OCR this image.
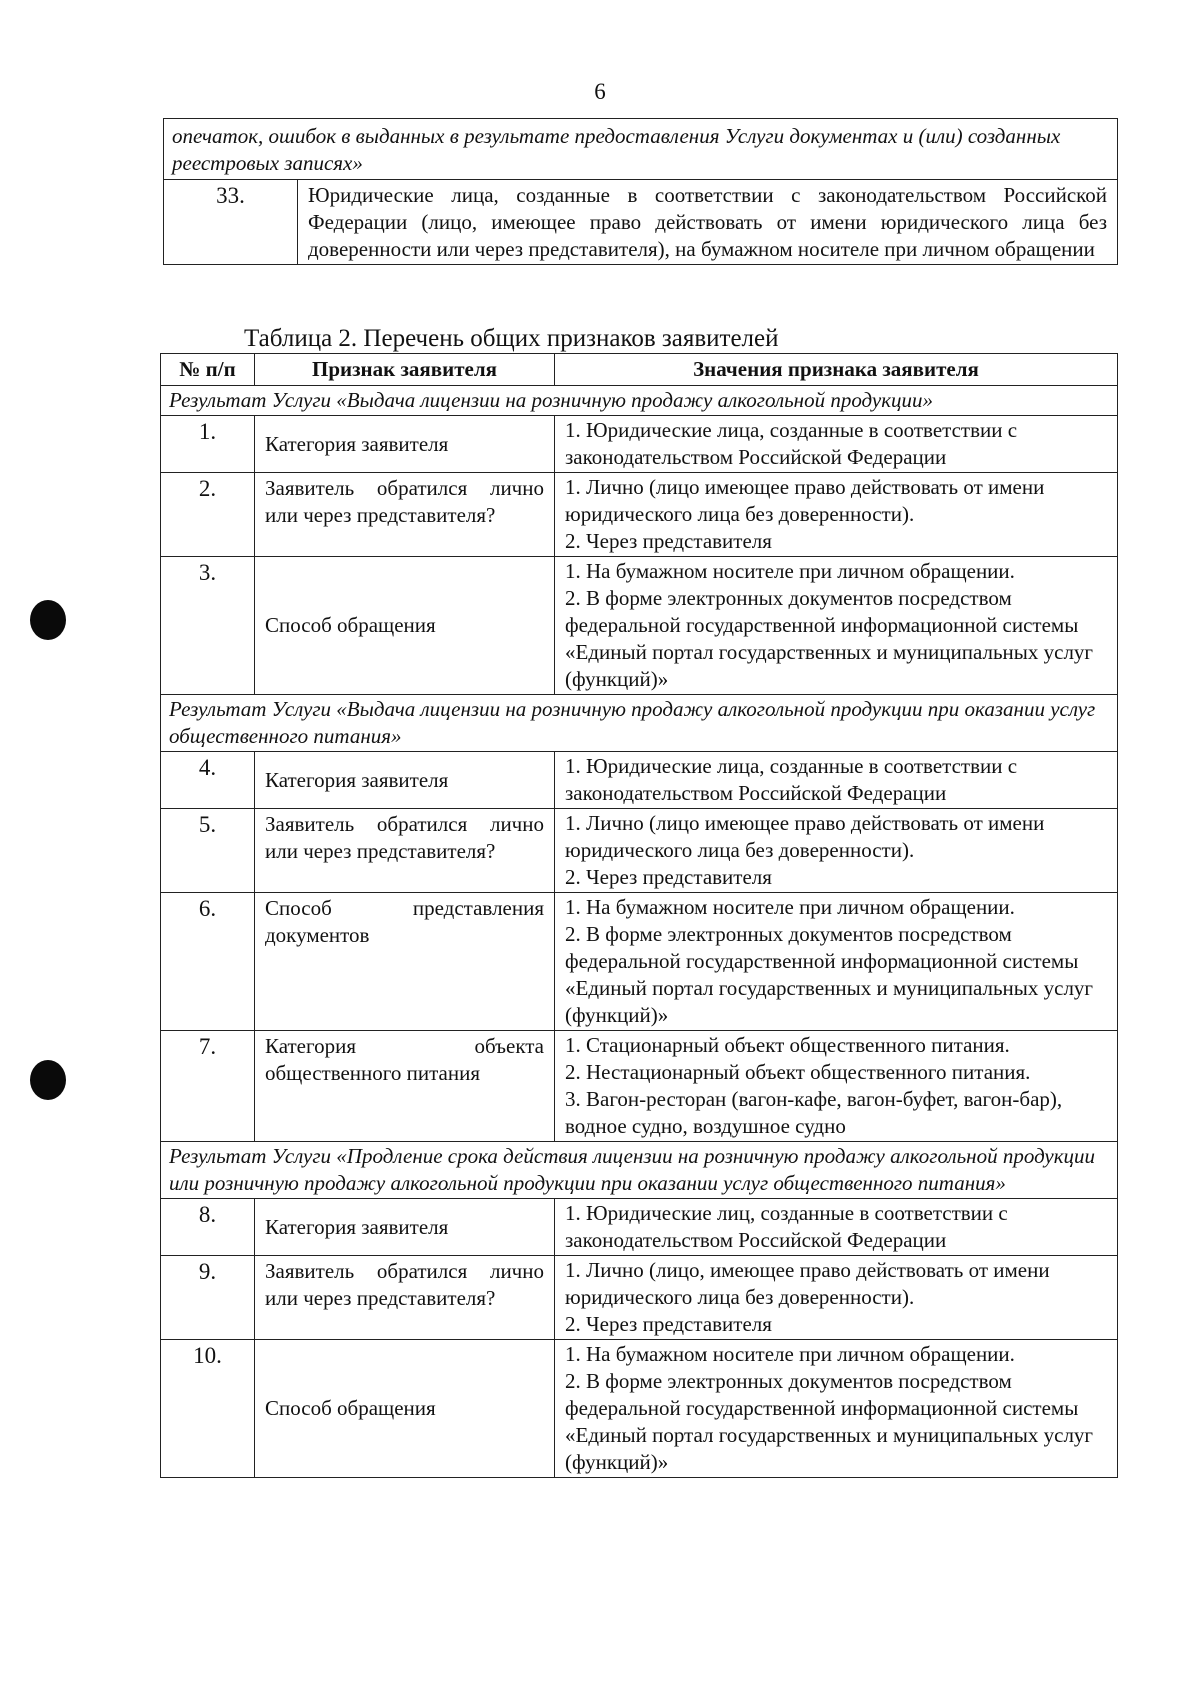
6
опечаток, ошибок в выданных в результате предоставления Услуги документах и (или) созданных реестровых записях»
33.	Юридические лица, созданные в соответствии с законодательством Российской Федерации (лицо, имеющее право действовать от имени юридического лица без доверенности или через представителя), на бумажном носителе при личном обращении
Таблица 2. Перечень общих признаков заявителей
№ п/п	Признак заявителя	Значения признака заявителя
Результат Услуги «Выдача лицензии на розничную продажу алкогольной продукции»		
1.	Категория заявителя	1. Юридические лица, созданные в соответствии с законодательством Российской Федерации

2.	Заявитель обратился лично или через представителя?	1. Лично (лицо имеющее право действовать от имени юридического лица без доверенности).
2. Через представителя

3.	Способ обращения	1. На бумажном носителе при личном обращении.
2. В форме электронных документов посредством федеральной государственной информационной системы «Единый портал государственных и муниципальных услуг (функций)»

Результат Услуги «Выдача лицензии на розничную продажу алкогольной продукции при оказании услуг общественного питания»		
4.	Категория заявителя	1. Юридические лица, созданные в соответствии с законодательством Российской Федерации

5.	Заявитель обратился лично или через представителя?	1. Лично (лицо имеющее право действовать от имени юридического лица без доверенности).
2. Через представителя

6.	Способ представления документов	1. На бумажном носителе при личном обращении.
2. В форме электронных документов посредством федеральной государственной информационной системы «Единый портал государственных и муниципальных услуг (функций)»

7.	Категория объекта общественного питания	1. Стационарный объект общественного питания.
2. Нестационарный объект общественного питания.
3. Вагон-ресторан (вагон-кафе, вагон-буфет, вагон-бар), водное судно, воздушное судно

Результат Услуги «Продление срока действия лицензии на розничную продажу алкогольной продукции или розничную продажу алкогольной продукции при оказании услуг общественного питания»		
8.	Категория заявителя	1. Юридические лиц, созданные в соответствии с законодательством Российской Федерации

9.	Заявитель обратился лично или через представителя?	1. Лично (лицо, имеющее право действовать от имени юридического лица без доверенности).
2. Через представителя

10.	Способ обращения	1. На бумажном носителе при личном обращении.
2. В форме электронных документов посредством федеральной государственной информационной системы «Единый портал государственных и муниципальных услуг (функций)»
